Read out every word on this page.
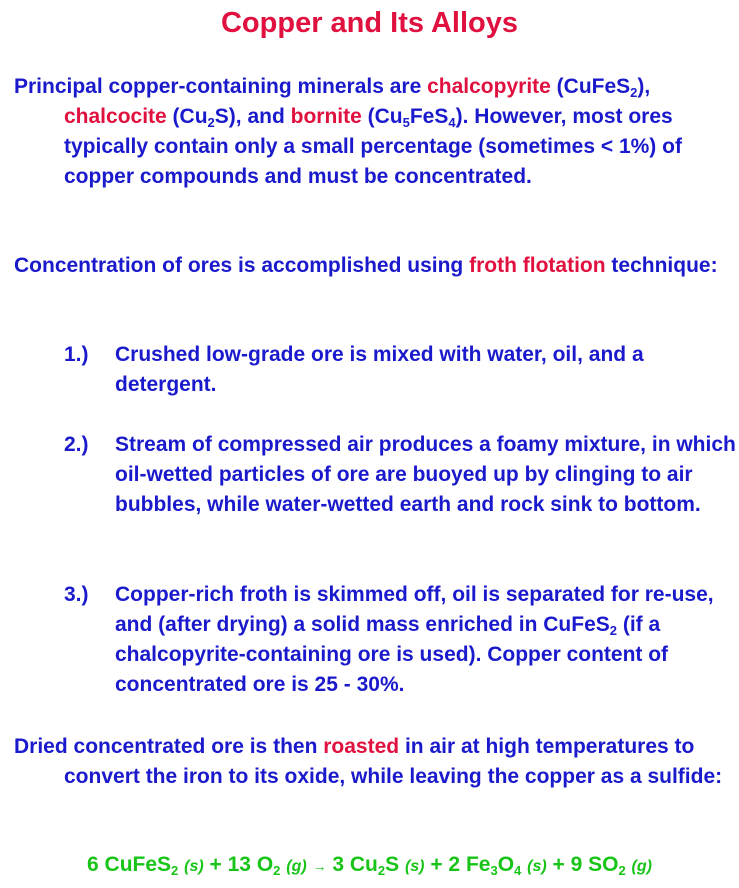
Copper and Its Alloys
Principal copper-containing minerals are chalcopyrite (CuFeS$_2$), chalcocite $(Cu_2S)$, and bornite $(Cu_5FeS_4)$. However, most ores typically contain only a small percentage (sometimes < 1%) of copper compounds and must be concentrated.
Concentration of ores is accomplished using froth flotation technique:
1.)	Crushed low-grade ore is mixed with water, oil, and a detergent.
2.)	Stream of compressed air produces a foamy mixture, in which oil-wetted particles of ore are buoyed up by clinging to air bubbles, while water-wetted earth and rock sink to bottom.
3.)	Copper-rich froth is skimmed off, oil is separated for re-use, and (after drying) a solid mass enriched in CuFeS$_2$ (if a chalcopyrite-containing ore is used). Copper content of concentrated ore is 25 - 30%.
Dried concentrated ore is then roasted in air at high temperatures to convert the iron to its oxide, while leaving the copper as a sulfide:
6 CuFeS$_2$ (s) + 13 $O_2$ (g) → 3 $Cu_2S$ (s) + 2 $Fe_3O_4$ (s) + 9 $SO_2$ (g)
